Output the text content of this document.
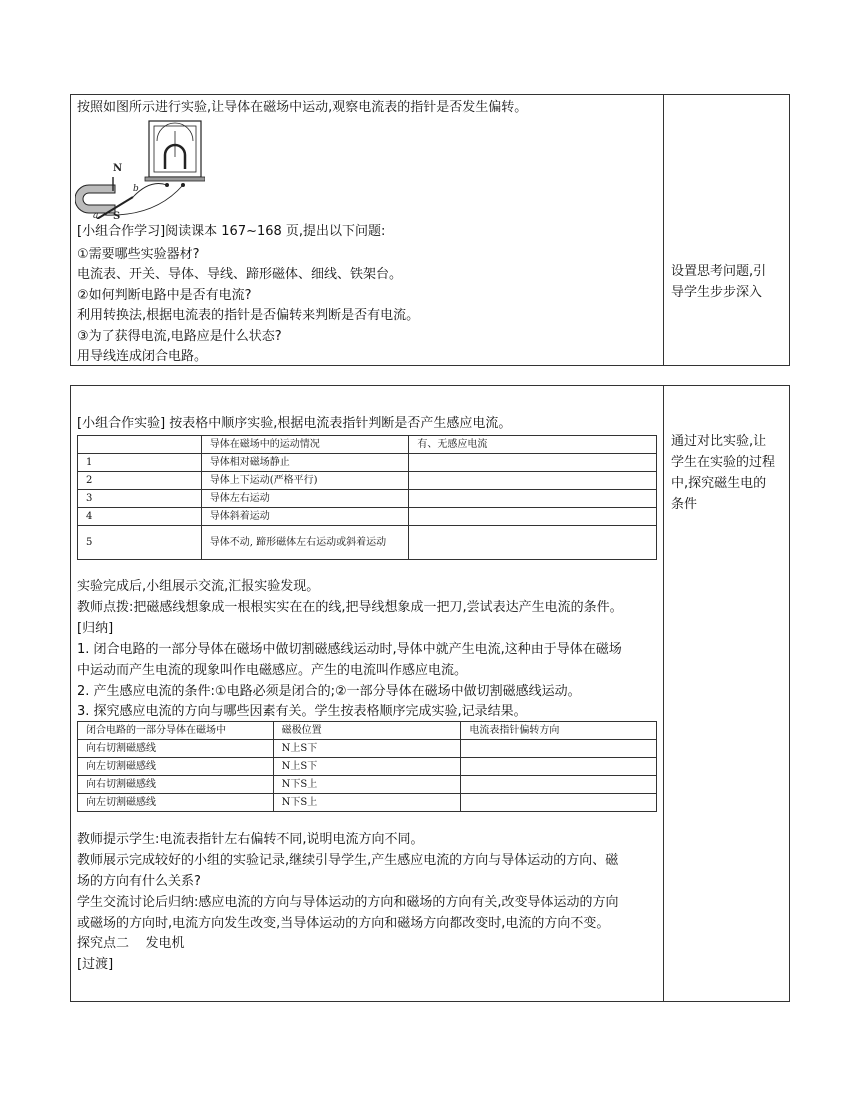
按照如图所示进行实验,让导体在磁场中运动,观察电流表的指针是否发生偏转。
N
S
a
b
[小组合作学习]阅读课本 167~168 页,提出以下问题:
①需要哪些实验器材?
电流表、开关、导体、导线、蹄形磁体、细线、铁架台。
②如何判断电路中是否有电流?
利用转换法,根据电流表的指针是否偏转来判断是否有电流。
③为了获得电流,电路应是什么状态?
用导线连成闭合电路。
设置思考问题,引
导学生步步深入
[小组合作实验] 按表格中顺序实验,根据电流表指针判断是否产生感应电流。
	导体在磁场中的运动情况	有、无感应电流
1	导体相对磁场静止	
2	导体上下运动(严格平行)	
3	导体左右运动	
4	导体斜着运动	
5	导体不动, 蹄形磁体左右运动或斜着运动	
实验完成后,小组展示交流,汇报实验发现。
教师点拨:把磁感线想象成一根根实实在在的线,把导线想象成一把刀,尝试表达产生电流的条件。
[归纳]
1. 闭合电路的一部分导体在磁场中做切割磁感线运动时,导体中就产生电流,这种由于导体在磁场
中运动而产生电流的现象叫作电磁感应。产生的电流叫作感应电流。
2. 产生感应电流的条件:①电路必须是闭合的;②一部分导体在磁场中做切割磁感线运动。
3. 探究感应电流的方向与哪些因素有关。学生按表格顺序完成实验,记录结果。
闭合电路的一部分导体在磁场中	磁极位置	电流表指针偏转方向
向右切割磁感线	N上S下	
向左切割磁感线	N上S下	
向右切割磁感线	N下S上	
向左切割磁感线	N下S上	
教师提示学生:电流表指针左右偏转不同,说明电流方向不同。
教师展示完成较好的小组的实验记录,继续引导学生,产生感应电流的方向与导体运动的方向、磁
场的方向有什么关系?
学生交流讨论后归纳:感应电流的方向与导体运动的方向和磁场的方向有关,改变导体运动的方向
或磁场的方向时,电流方向发生改变,当导体运动的方向和磁场方向都改变时,电流的方向不变。
探究点二    发电机
[过渡]
通过对比实验,让
学生在实验的过程
中,探究磁生电的
条件
